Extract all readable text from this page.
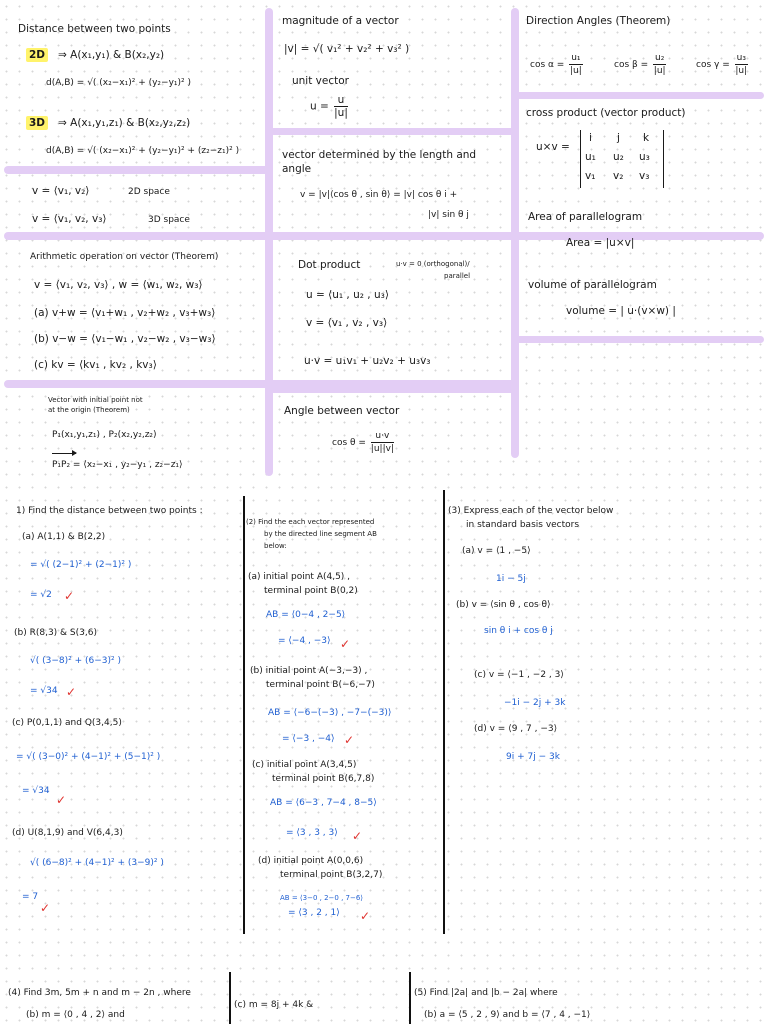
Distance between two points
2D ⇒ A(x₁,y₁) & B(x₂,y₂)
d(A,B) = √( (x₂−x₁)² + (y₂−y₁)² )
3D ⇒ A(x₁,y₁,z₁) & B(x₂,y₂,z₂)
d(A,B) = √( (x₂−x₁)² + (y₂−y₁)² + (z₂−z₁)² )
v = ⟨v₁, v₂⟩	2D space
v = ⟨v₁, v₂, v₃⟩	3D space
Arithmetic operation on vector (Theorem)
v = ⟨v₁, v₂, v₃⟩ , w = ⟨w₁, w₂, w₃⟩
(a) v+w = ⟨v₁+w₁ , v₂+w₂ , v₃+w₃⟩
(b) v−w = ⟨v₁−w₁ , v₂−w₂ , v₃−w₃⟩
(c) kv = ⟨kv₁ , kv₂ , kv₃⟩
Vector with initial point not
at the origin (Theorem)
P₁(x₁,y₁,z₁) , P₂(x₂,y₂,z₂)
P₁P₂ = ⟨x₂−x₁ , y₂−y₁ , z₂−z₁⟩
magnitude of a vector
|v| = √( v₁² + v₂² + v₃² )
unit vector
$u = \frac{u}{|u|}$
vector determined by the length and
angle
v = |v|⟨cos θ , sin θ⟩ = |v| cos θ i +
|v| sin θ j
Dot product	u·v = 0 (orthogonal)/
parallel
u = ⟨u₁ , u₂ , u₃⟩
v = ⟨v₁ , v₂ , v₃⟩
u·v = u₁v₁ + u₂v₂ + u₃v₃
Angle between vector
$\cos \theta = \frac{u\cdot v}{|u||v|}$
Direction Angles (Theorem)
$\cos \alpha = \frac{\text{u₁}}{|u|}$	$\cos \beta = \frac{\text{u₂}}{|u|}$	$\cos \gamma = \frac{\text{u₃}}{|u|}$
cross product (vector product)
u×v =
i j k
u₁ u₂ u₃
v₁ v₂ v₃
Area of parallelogram
Area = |u×v|
volume of parallelogram
volume = | u·(v×w) |
1) Find the distance between two points :
(a) A(1,1) & B(2,2)
= √( (2−1)² + (2−1)² )
= √2 ✓
(b) R(8,3) & S(3,6)
√( (3−8)² + (6−3)² )
= √34 ✓
(c) P(0,1,1) and Q(3,4,5)
= √( (3−0)² + (4−1)² + (5−1)² )
= √34
✓
(d) U(8,1,9) and V(6,4,3)
√( (6−8)² + (4−1)² + (3−9)² )
= 7
✓
(2) Find the each vector represented
by the directed line segment AB
below:
(a) initial point A(4,5) ,
terminal point B(0,2)
AB = ⟨0−4 , 2−5⟩
= ⟨−4 , −3⟩ ✓
(b) initial point A(−3,−3) ,
terminal point B(−6,−7)
AB = ⟨−6−(−3) , −7−(−3)⟩
= ⟨−3 , −4⟩ ✓
(c) initial point A(3,4,5)
terminal point B(6,7,8)
AB = ⟨6−3 , 7−4 , 8−5⟩
= ⟨3 , 3 , 3⟩ ✓
(d) initial point A(0,0,6)
terminal point B(3,2,7)
AB = ⟨3−0 , 2−0 , 7−6⟩
= ⟨3 , 2 , 1⟩ ✓
(3) Express each of the vector below
in standard basis vectors
(a) v = ⟨1 , −5⟩
1i − 5j
(b) v = ⟨sin θ , cos θ⟩
sin θ i + cos θ j
(c) v = ⟨−1 , −2 , 3⟩
−1i − 2j + 3k
(d) v = ⟨9 , 7 , −3⟩
9i + 7j − 3k
(4) Find 3m, 5m + n and m − 2n , where
(b) m = ⟨0 , 4 , 2⟩ and
(c) m = 8j + 4k &
(5) Find |2a| and |b − 2a| where
(b) a = ⟨5 , 2 , 9⟩ and b = ⟨7 , 4 , −1⟩
